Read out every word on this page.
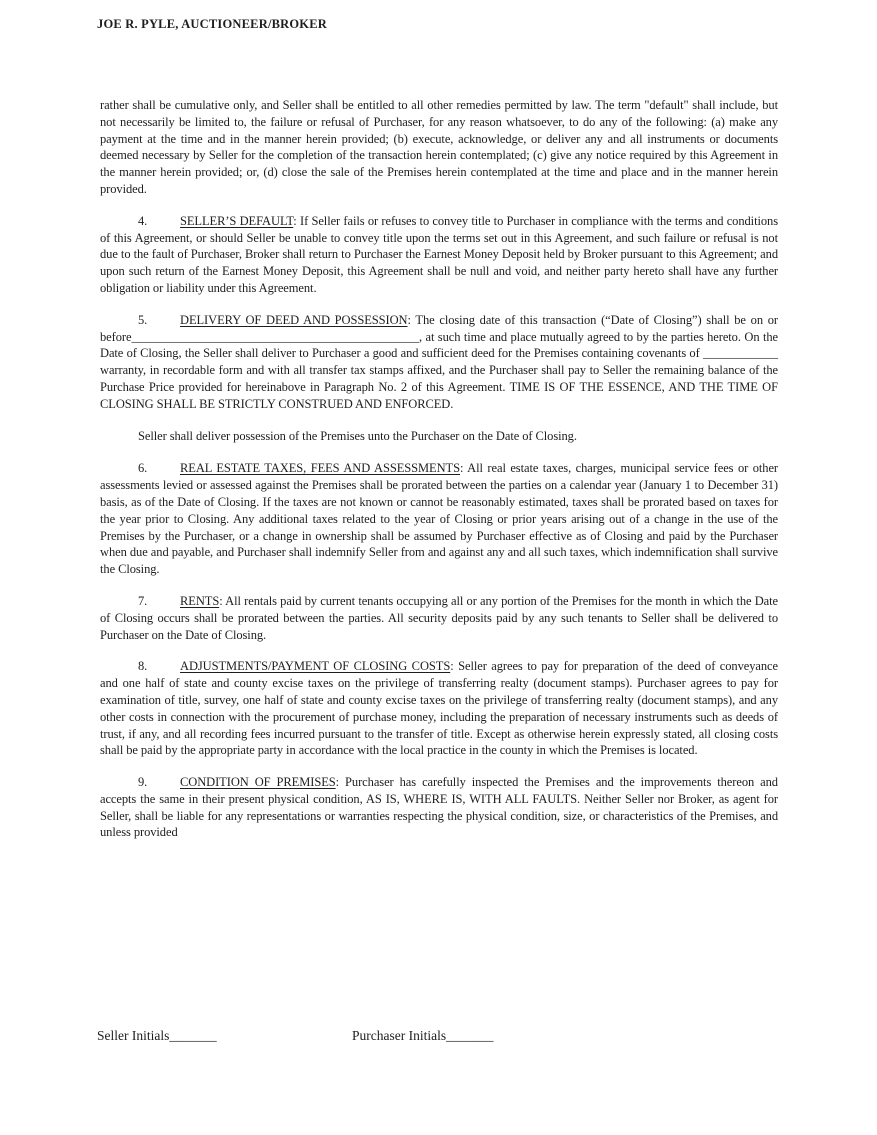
JOE R. PYLE, AUCTIONEER/BROKER

rather shall be cumulative only, and Seller shall be entitled to all other remedies permitted by law. The term "default" shall include, but not necessarily be limited to, the failure or refusal of Purchaser, for any reason whatsoever, to do any of the following: (a) make any payment at the time and in the manner herein provided; (b) execute, acknowledge, or deliver any and all instruments or documents deemed necessary by Seller for the completion of the transaction herein contemplated; (c) give any notice required by this Agreement in the manner herein provided; or, (d) close the sale of the Premises herein contemplated at the time and place and in the manner herein provided.

4.	SELLER’S DEFAULT: If Seller fails or refuses to convey title to Purchaser in compliance with the terms and conditions of this Agreement, or should Seller be unable to convey title upon the terms set out in this Agreement, and such failure or refusal is not due to the fault of Purchaser, Broker shall return to Purchaser the Earnest Money Deposit held by Broker pursuant to this Agreement; and upon such return of the Earnest Money Deposit, this Agreement shall be null and void, and neither party hereto shall have any further obligation or liability under this Agreement.

5.	DELIVERY OF DEED AND POSSESSION: The closing date of this transaction (“Date of Closing”) shall be on or before______________________________________________, at such time and place mutually agreed to by the parties hereto. On the Date of Closing, the Seller shall deliver to Purchaser a good and sufficient deed for the Premises containing covenants of ____________ warranty, in recordable form and with all transfer tax stamps affixed, and the Purchaser shall pay to Seller the remaining balance of the Purchase Price provided for hereinabove in Paragraph No. 2 of this Agreement. TIME IS OF THE ESSENCE, AND THE TIME OF CLOSING SHALL BE STRICTLY CONSTRUED AND ENFORCED.

Seller shall deliver possession of the Premises unto the Purchaser on the Date of Closing.

6.	REAL ESTATE TAXES, FEES AND ASSESSMENTS: All real estate taxes, charges, municipal service fees or other assessments levied or assessed against the Premises shall be prorated between the parties on a calendar year (January 1 to December 31) basis, as of the Date of Closing. If the taxes are not known or cannot be reasonably estimated, taxes shall be prorated based on taxes for the year prior to Closing. Any additional taxes related to the year of Closing or prior years arising out of a change in the use of the Premises by the Purchaser, or a change in ownership shall be assumed by Purchaser effective as of Closing and paid by the Purchaser when due and payable, and Purchaser shall indemnify Seller from and against any and all such taxes, which indemnification shall survive the Closing.

7.	RENTS: All rentals paid by current tenants occupying all or any portion of the Premises for the month in which the Date of Closing occurs shall be prorated between the parties. All security deposits paid by any such tenants to Seller shall be delivered to Purchaser on the Date of Closing.

8.	ADJUSTMENTS/PAYMENT OF CLOSING COSTS: Seller agrees to pay for preparation of the deed of conveyance and one half of state and county excise taxes on the privilege of transferring realty (document stamps). Purchaser agrees to pay for examination of title, survey, one half of state and county excise taxes on the privilege of transferring realty (document stamps), and any other costs in connection with the procurement of purchase money, including the preparation of necessary instruments such as deeds of trust, if any, and all recording fees incurred pursuant to the transfer of title. Except as otherwise herein expressly stated, all closing costs shall be paid by the appropriate party in accordance with the local practice in the county in which the Premises is located.

9.	CONDITION OF PREMISES: Purchaser has carefully inspected the Premises and the improvements thereon and accepts the same in their present physical condition, AS IS, WHERE IS, WITH ALL FAULTS. Neither Seller nor Broker, as agent for Seller, shall be liable for any representations or warranties respecting the physical condition, size, or characteristics of the Premises, and unless provided

Seller Initials_______	Purchaser Initials_______
